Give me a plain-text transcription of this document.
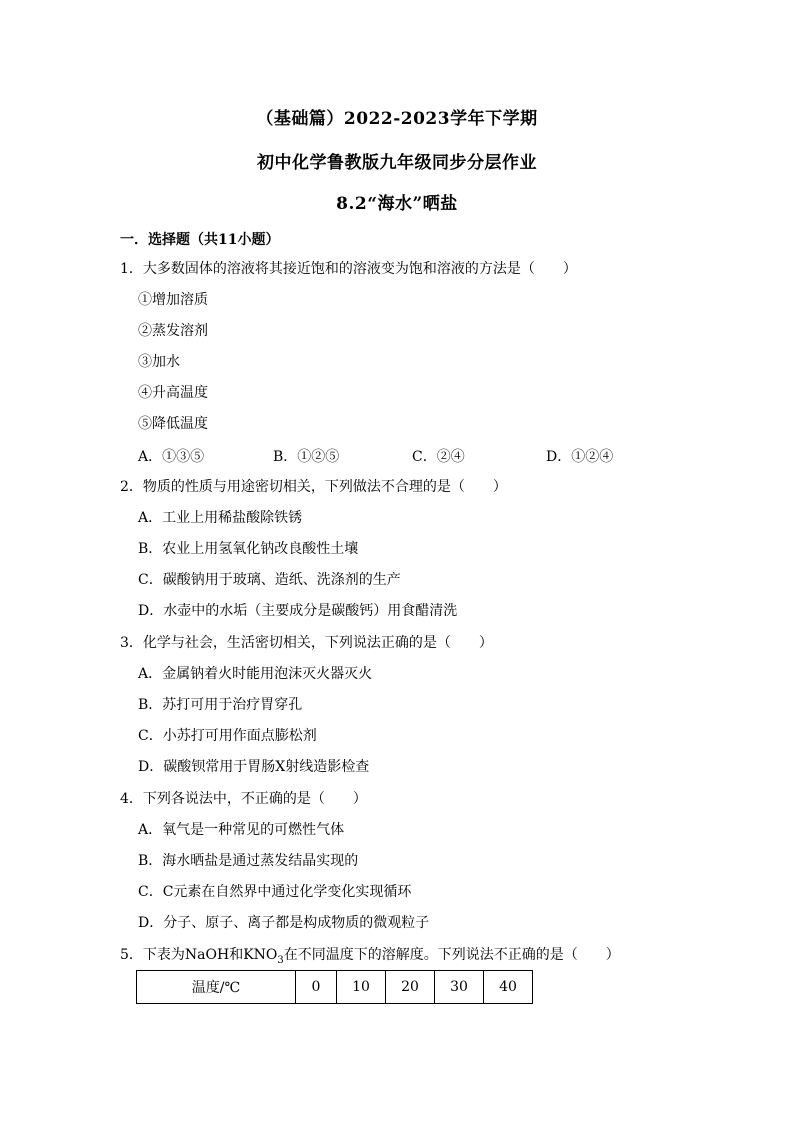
（基础篇）2022-2023学年下学期
初中化学鲁教版九年级同步分层作业
8.2“海水”晒盐
一．选择题（共11小题）
1．大多数固体的溶液将其接近饱和的溶液变为饱和溶液的方法是（　　）
①增加溶质
②蒸发溶剂
③加水
④升高温度
⑤降低温度
A．①③⑤	B．①②⑤	C．②④	D．①②④
2．物质的性质与用途密切相关，下列做法不合理的是（　　）
A．工业上用稀盐酸除铁锈
B．农业上用氢氧化钠改良酸性土壤
C．碳酸钠用于玻璃、造纸、洗涤剂的生产
D．水壶中的水垢（主要成分是碳酸钙）用食醋清洗
3．化学与社会，生活密切相关，下列说法正确的是（　　）
A．金属钠着火时能用泡沫灭火器灭火
B．苏打可用于治疗胃穿孔
C．小苏打可用作面点膨松剂
D．碳酸钡常用于胃肠X射线造影检查
4．下列各说法中，不正确的是（　　）
A．氧气是一种常见的可燃性气体
B．海水晒盐是通过蒸发结晶实现的
C．C元素在自然界中通过化学变化实现循环
D．分子、原子、离子都是构成物质的微观粒子
5．下表为NaOH和$KNO_3$在不同温度下的溶解度。下列说法不正确的是（　　）
温度/℃	0	10	20	30	40
